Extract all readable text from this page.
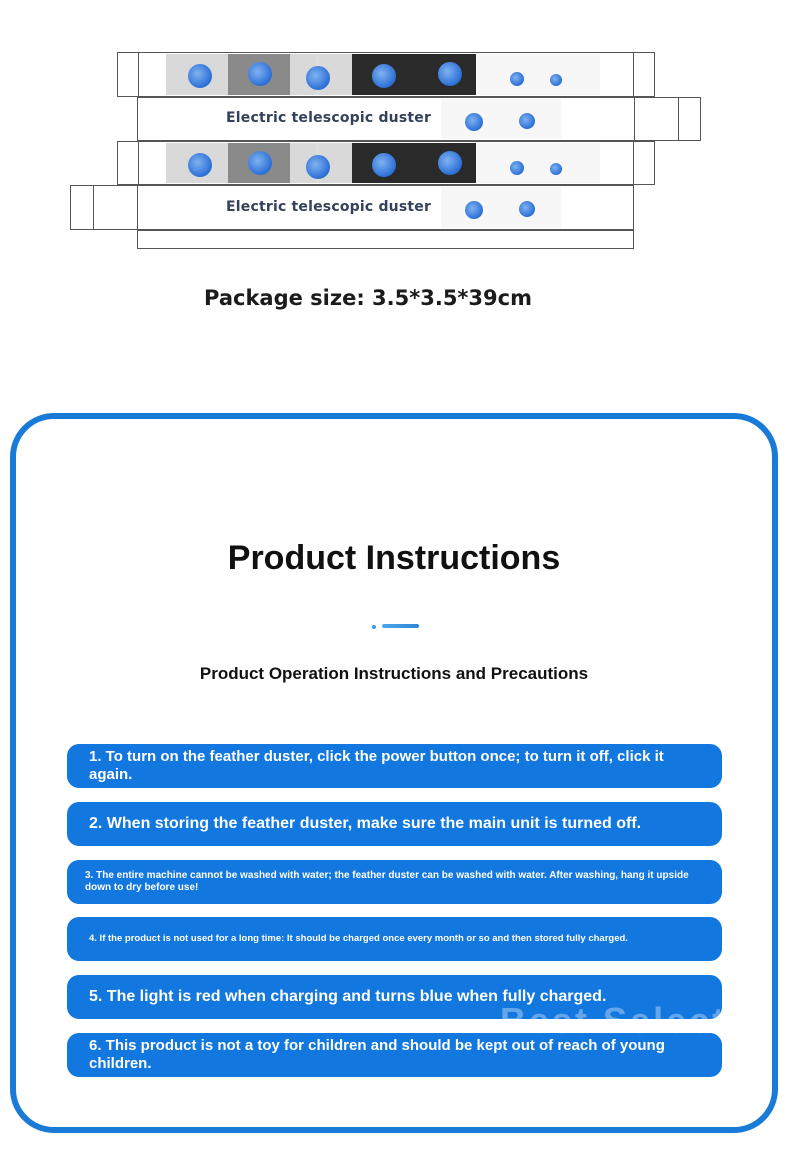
Electric telescopic duster
Electric telescopic duster
Package size: 3.5*3.5*39cm
Product Instructions
Product Operation Instructions and Precautions
1. To turn on the feather duster, click the power button once; to turn it off, click it again.
2. When storing the feather duster, make sure the main unit is turned off.
3. The entire machine cannot be washed with water; the feather duster can be washed with water. After washing, hang it upside down to dry before use!
4. If the product is not used for a long time: It should be charged once every month or so and then stored fully charged.
5. The light is red when charging and turns blue when fully charged.
6. This product is not a toy for children and should be kept out of reach of young children.
Best Select
